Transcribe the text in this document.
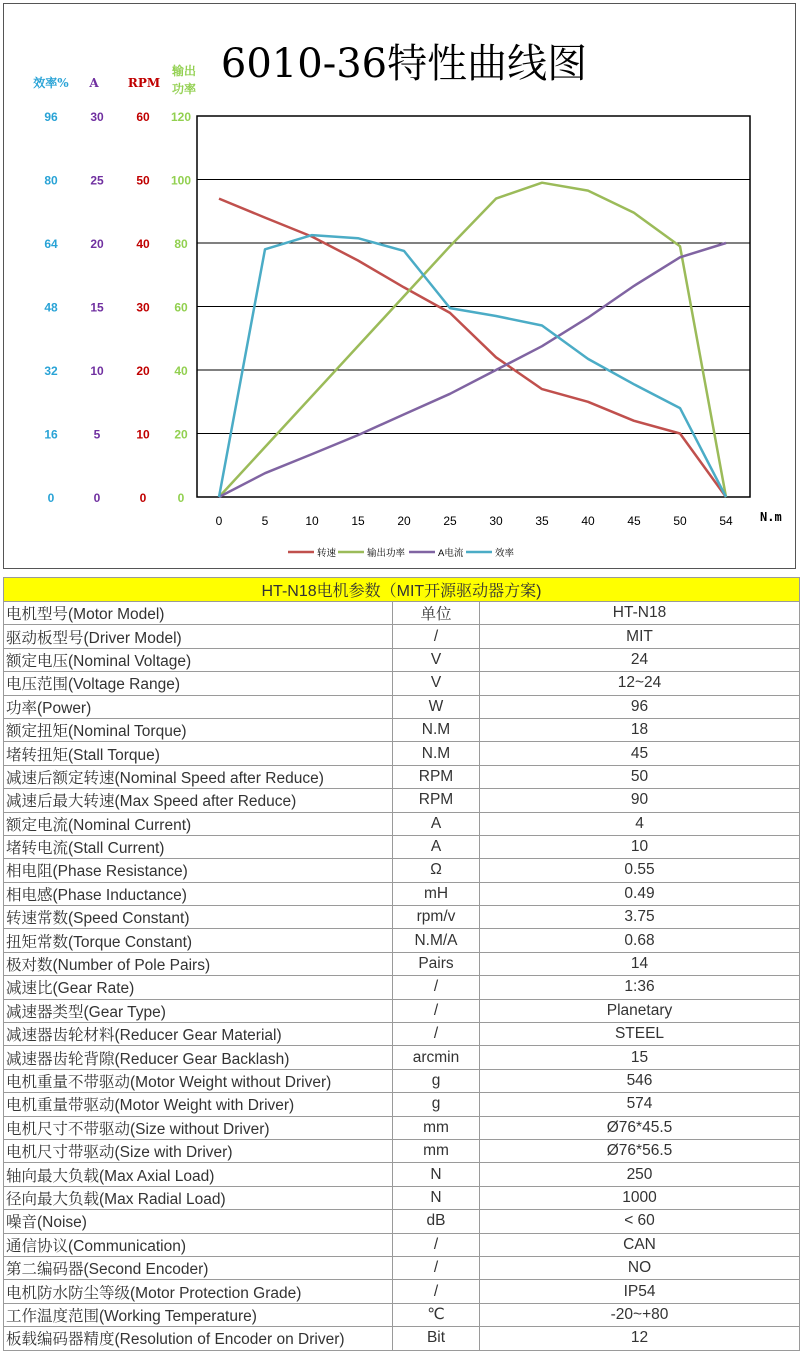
6010-36特性曲线图
效率%
96
80
64
48
32
16
0
A
30
25
20
15
10
5
0
RPM
60
50
40
30
20
10
0
输出
功率
120
100
80
60
40
20
0
0	5	10	15	20	25	30	35	40	45	50	54 N.m
转速	输出功率	A电流	效率
HT-N18电机参数（MIT开源驱动器方案)		
电机型号(Motor Model)	单位	HT-N18
驱动板型号(Driver Model)	/	MIT
额定电压(Nominal Voltage)	V	24
电压范围(Voltage Range)	V	12~24
功率(Power)	W	96
额定扭矩(Nominal Torque)	N.M	18
堵转扭矩(Stall Torque)	N.M	45
减速后额定转速(Nominal Speed after Reduce)	RPM	50
减速后最大转速(Max Speed after Reduce)	RPM	90
额定电流(Nominal Current)	A	4
堵转电流(Stall Current)	A	10
相电阻(Phase Resistance)	Ω	0.55
相电感(Phase Inductance)	mH	0.49
转速常数(Speed Constant)	rpm/v	3.75
扭矩常数(Torque Constant)	N.M/A	0.68
极对数(Number of Pole Pairs)	Pairs	14
减速比(Gear Rate)	/	1:36
减速器类型(Gear Type)	/	Planetary
减速器齿轮材料(Reducer Gear Material)	/	STEEL
减速器齿轮背隙(Reducer Gear Backlash)	arcmin	15
电机重量不带驱动(Motor Weight without Driver)	g	546
电机重量带驱动(Motor Weight with Driver)	g	574
电机尺寸不带驱动(Size without Driver)	mm	Ø76*45.5
电机尺寸带驱动(Size with Driver)	mm	Ø76*56.5
轴向最大负载(Max Axial Load)	N	250
径向最大负载(Max Radial Load)	N	1000
噪音(Noise)	dB	< 60
通信协议(Communication)	/	CAN
第二编码器(Second Encoder)	/	NO
电机防水防尘等级(Motor Protection Grade)	/	IP54
工作温度范围(Working Temperature)	℃	-20~+80
板载编码器精度(Resolution of Encoder on Driver)	Bit	12
